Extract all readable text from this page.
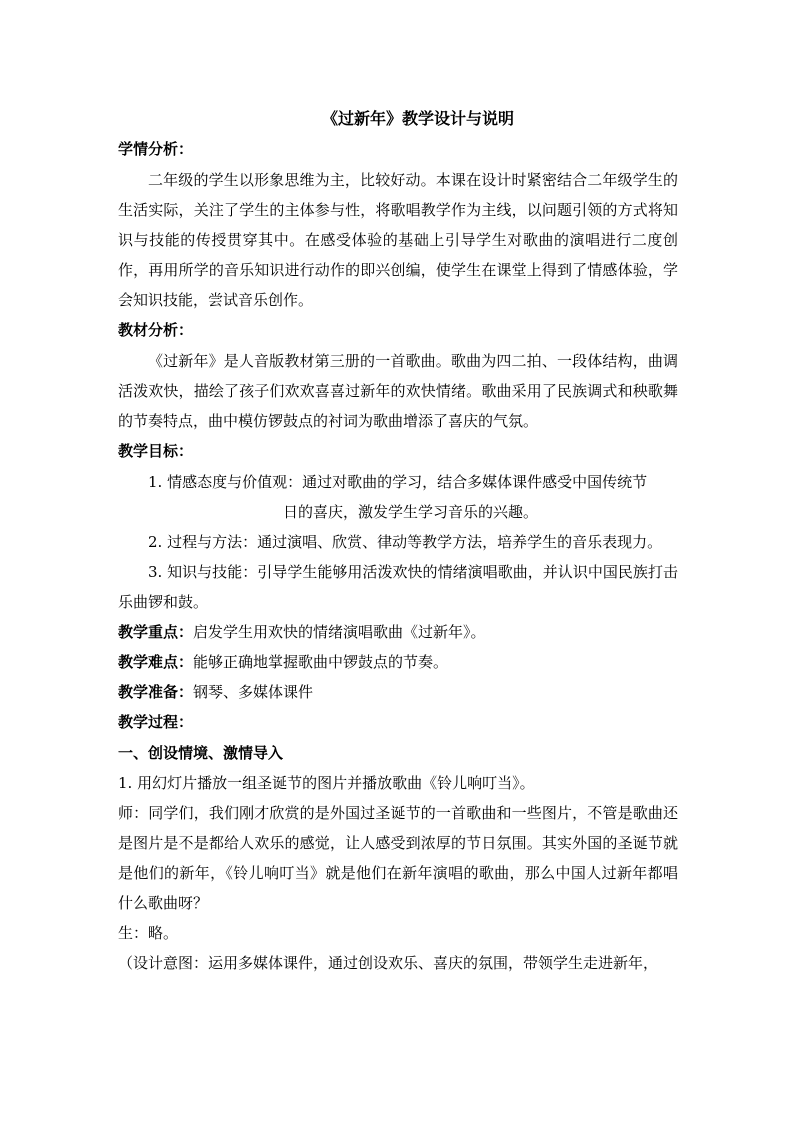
《过新年》教学设计与说明
学情分析：
二年级的学生以形象思维为主，比较好动。本课在设计时紧密结合二年级学生的生活实际，关注了学生的主体参与性，将歌唱教学作为主线，以问题引领的方式将知识与技能的传授贯穿其中。在感受体验的基础上引导学生对歌曲的演唱进行二度创作，再用所学的音乐知识进行动作的即兴创编，使学生在课堂上得到了情感体验，学会知识技能，尝试音乐创作。
教材分析：
《过新年》是人音版教材第三册的一首歌曲。歌曲为四二拍、一段体结构，曲调活泼欢快，描绘了孩子们欢欢喜喜过新年的欢快情绪。歌曲采用了民族调式和秧歌舞的节奏特点，曲中模仿锣鼓点的衬词为歌曲增添了喜庆的气氛。
教学目标：
1. 情感态度与价值观：通过对歌曲的学习，结合多媒体课件感受中国传统节
日的喜庆，激发学生学习音乐的兴趣。
2. 过程与方法：通过演唱、欣赏、律动等教学方法，培养学生的音乐表现力。
3. 知识与技能：引导学生能够用活泼欢快的情绪演唱歌曲，并认识中国民族打击乐曲锣和鼓。
教学重点：启发学生用欢快的情绪演唱歌曲《过新年》。
教学难点：能够正确地掌握歌曲中锣鼓点的节奏。
教学准备：钢琴、多媒体课件
教学过程：
一、创设情境、激情导入
1. 用幻灯片播放一组圣诞节的图片并播放歌曲《铃儿响叮当》。
师：同学们，我们刚才欣赏的是外国过圣诞节的一首歌曲和一些图片，不管是歌曲还是图片是不是都给人欢乐的感觉，让人感受到浓厚的节日氛围。其实外国的圣诞节就是他们的新年，《铃儿响叮当》就是他们在新年演唱的歌曲，那么中国人过新年都唱什么歌曲呀？
生：略。
（设计意图：运用多媒体课件，通过创设欢乐、喜庆的氛围，带领学生走进新年，
